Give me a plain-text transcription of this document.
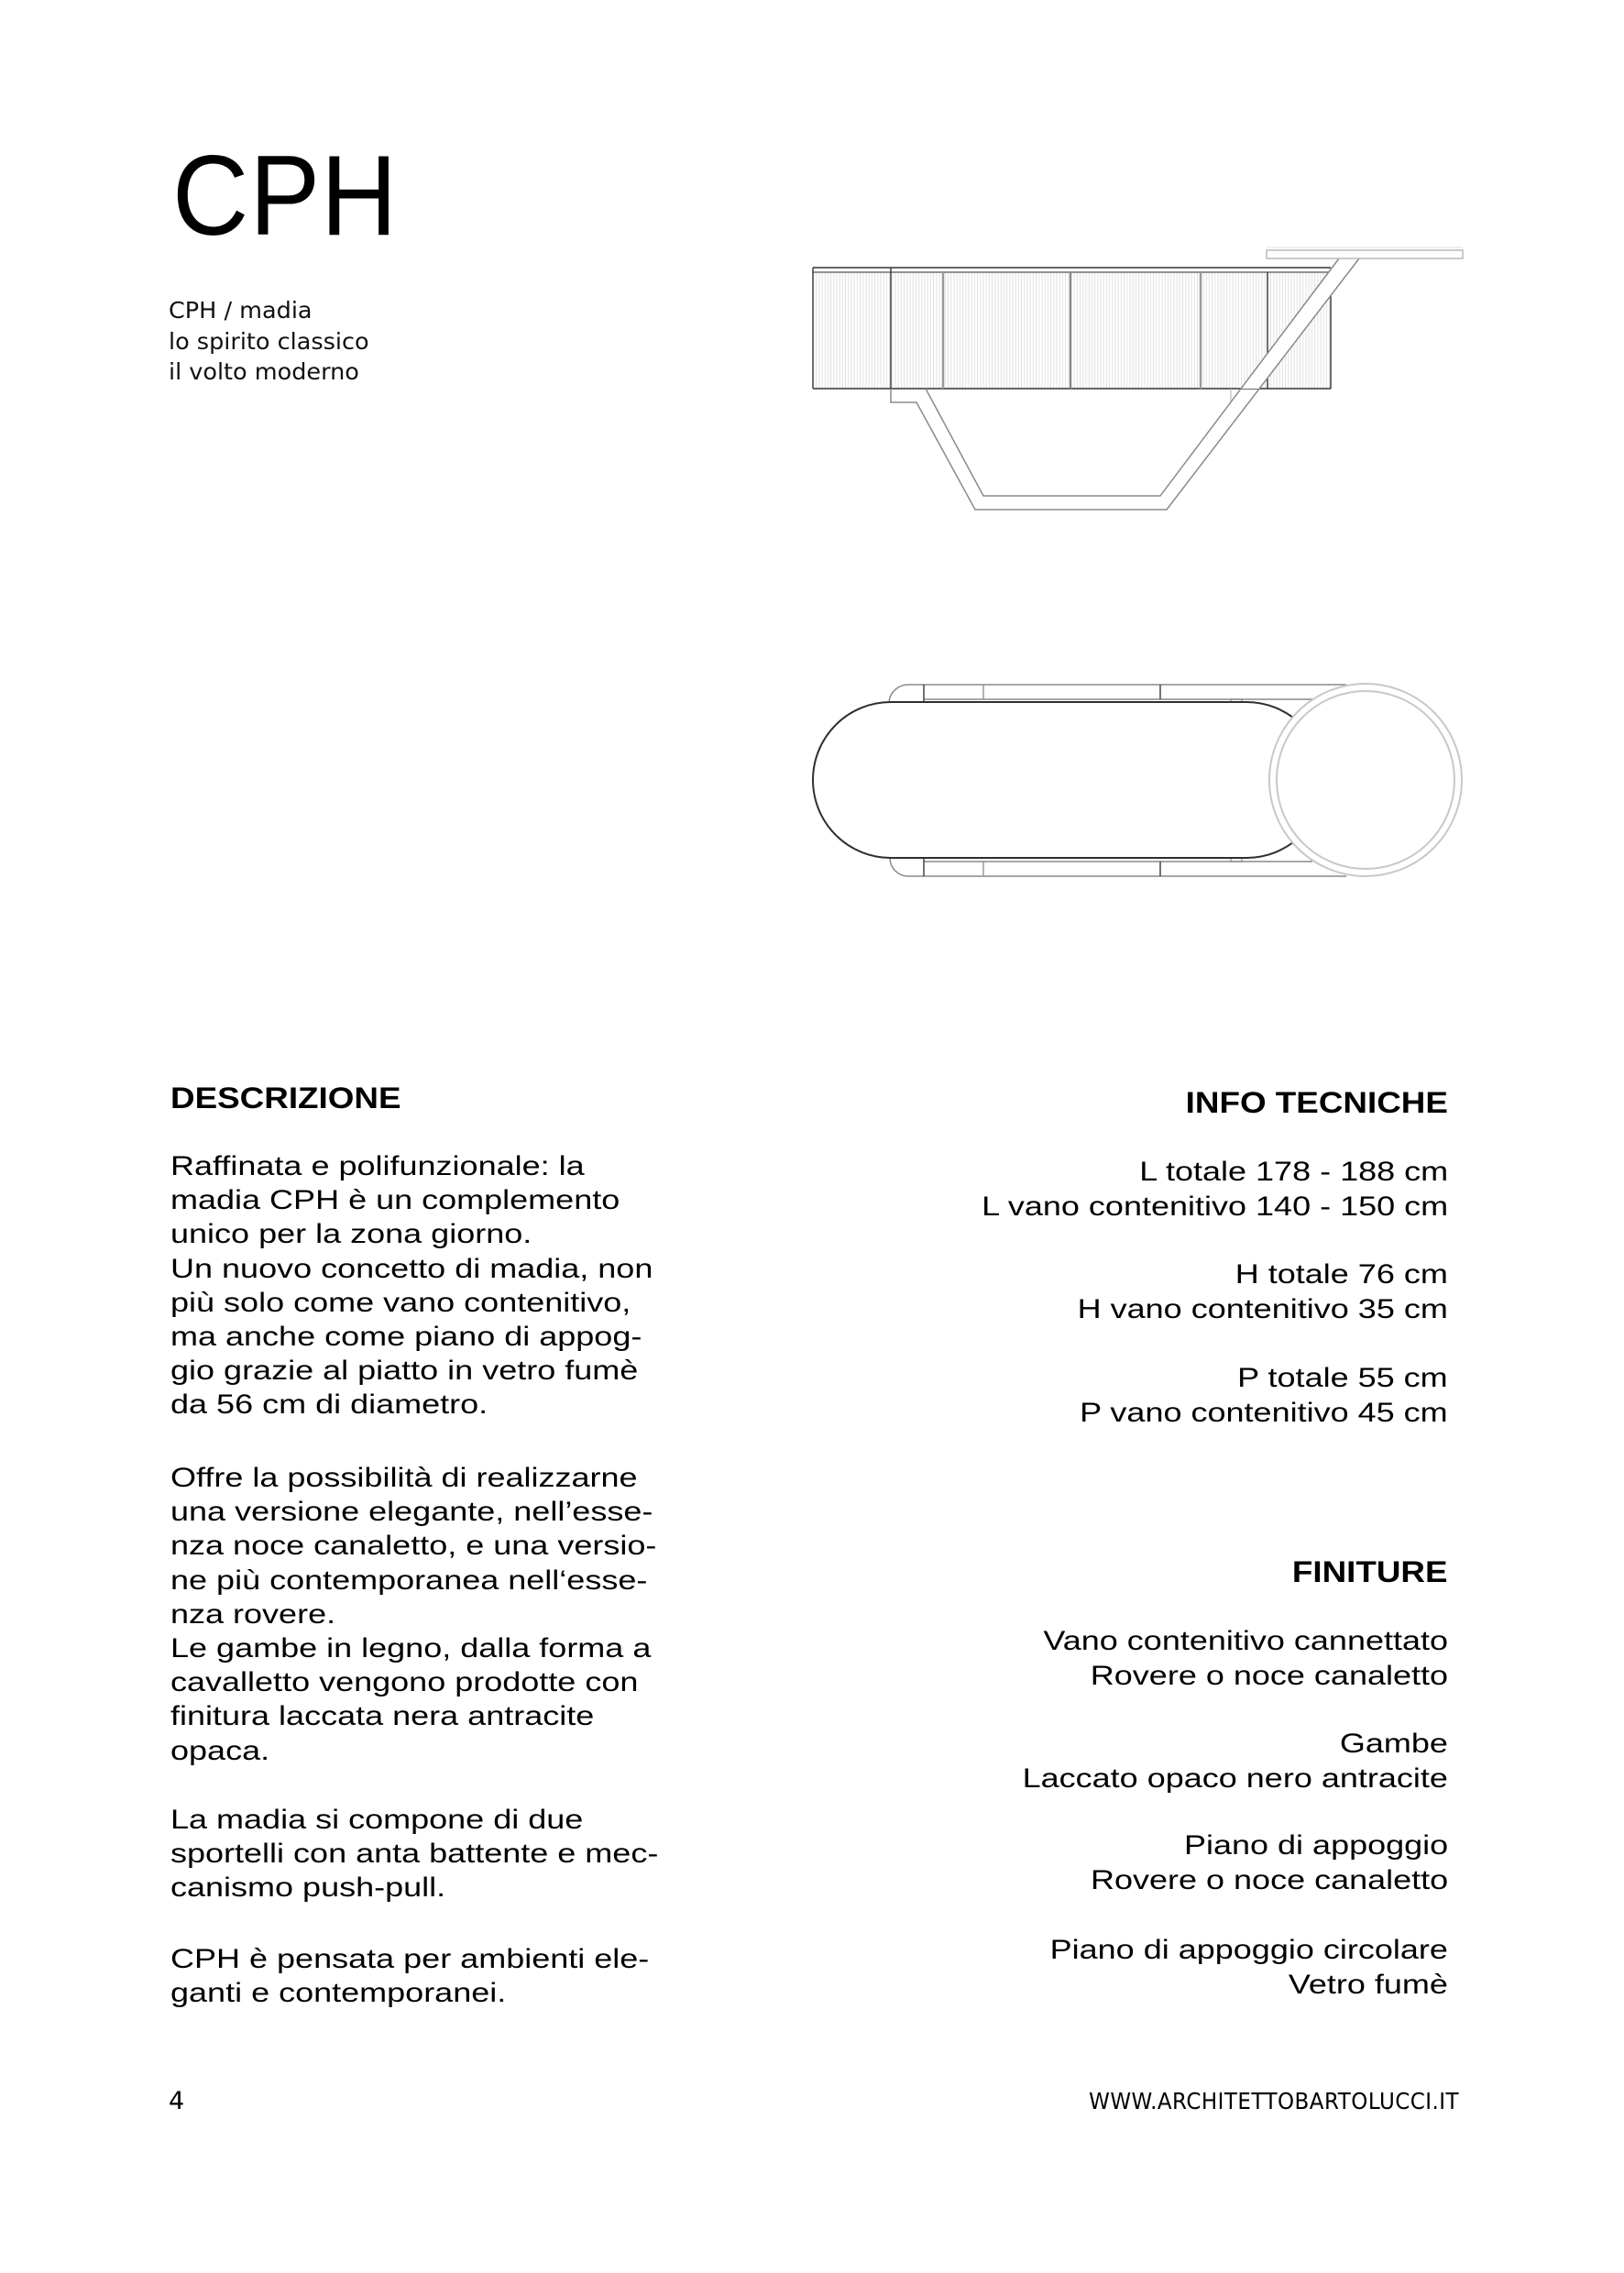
CPH
CPH / madia
lo spirito classico
il volto moderno
DESCRIZIONE
Raffinata e polifunzionale: la
madia CPH è un complemento
unico per la zona giorno.
Un nuovo concetto di madia, non
più solo come vano contenitivo,
ma anche come piano di appog-
gio grazie al piatto in vetro fumè
da 56 cm di diametro.
Offre la possibilità di realizzarne
una versione elegante, nell’esse-
nza noce canaletto, e una versio-
ne più contemporanea nell‘esse-
nza rovere.
Le gambe in legno, dalla forma a
cavalletto vengono prodotte con
finitura laccata nera antracite
opaca.
La madia si compone di due
sportelli con anta battente e mec-
canismo push-pull.
CPH è pensata per ambienti ele-
ganti e contemporanei.
INFO TECNICHE
L totale 178 - 188 cm
L vano contenitivo 140 - 150 cm
H totale 76 cm
H vano contenitivo 35 cm
P totale 55 cm
P vano contenitivo 45 cm
FINITURE
Vano contenitivo cannettato
Rovere o noce canaletto
Gambe
Laccato opaco nero antracite
Piano di appoggio
Rovere o noce canaletto
Piano di appoggio circolare
Vetro fumè
4	WWW.ARCHITETTOBARTOLUCCI.IT
